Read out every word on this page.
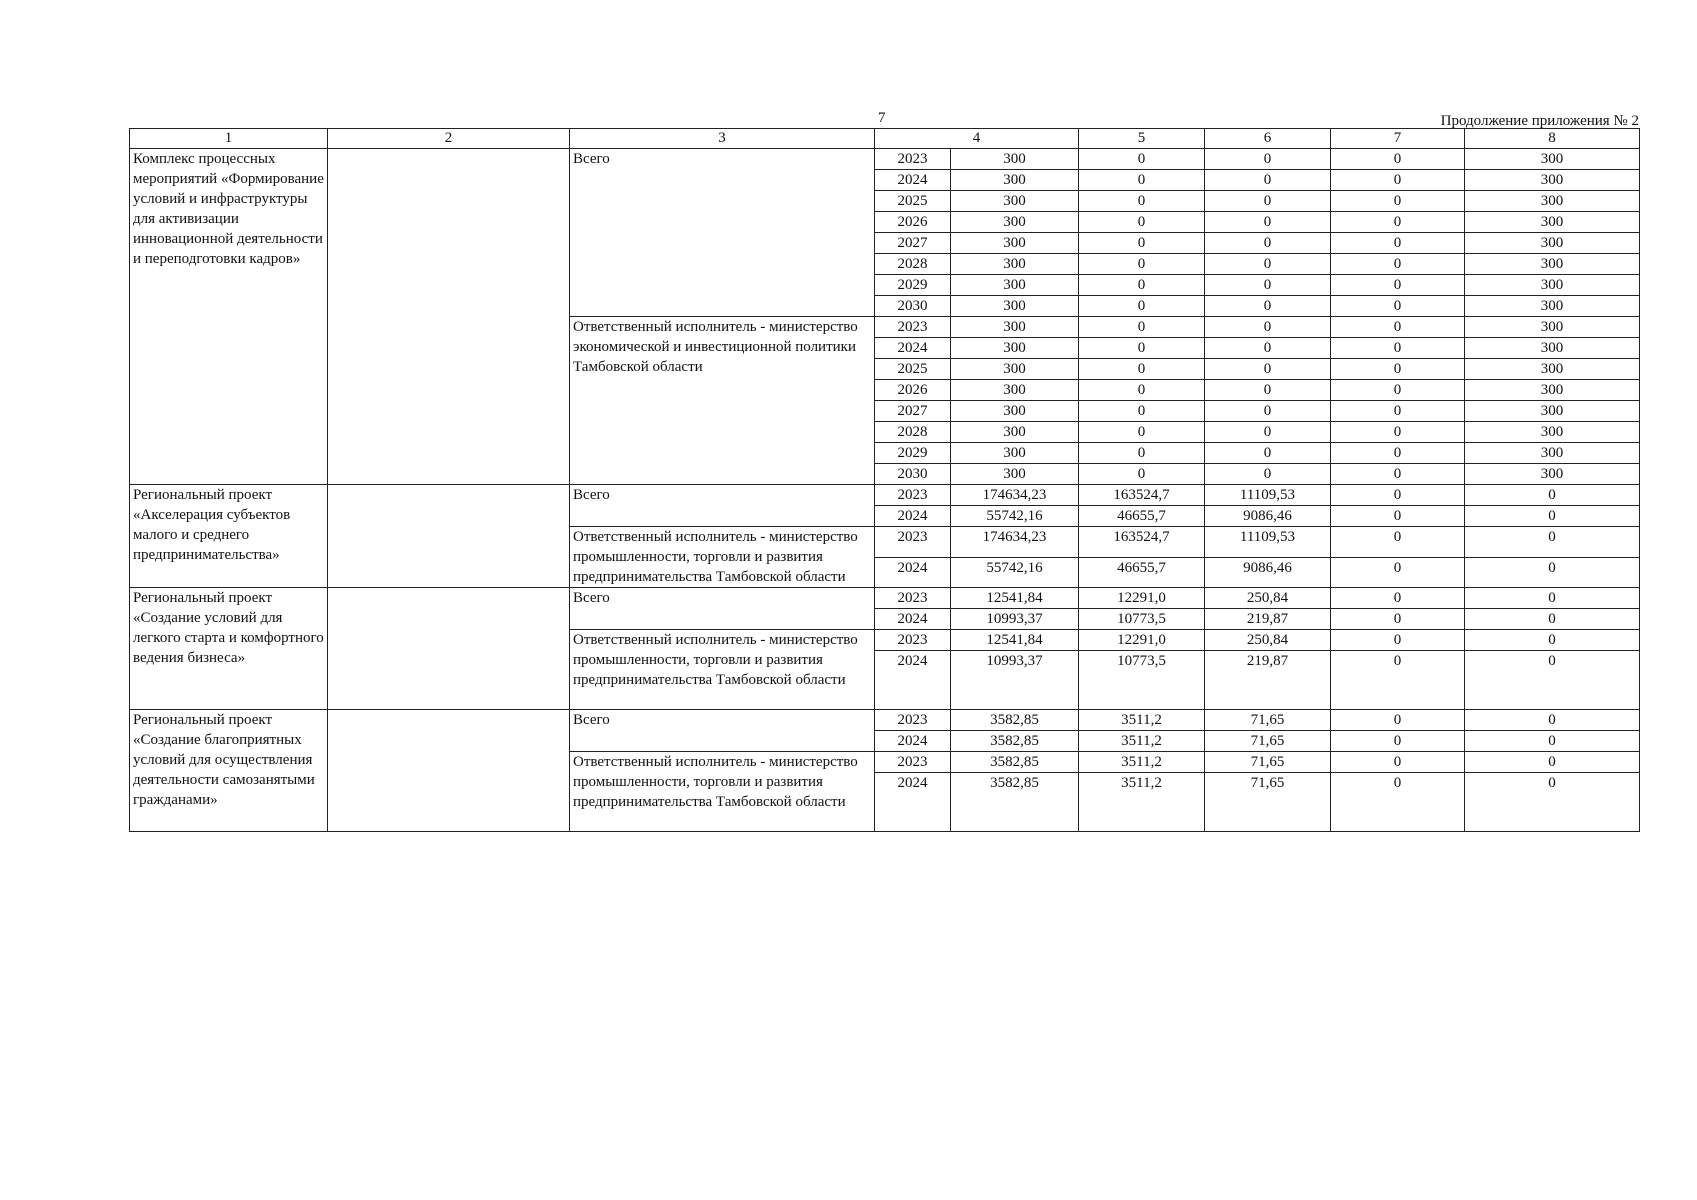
7	Продолжение приложения № 2
1	2	3	4		5	6	7	8
Комплекс процессных мероприятий «Формирование условий и инфраструктуры для активизации инновационной деятельности и переподготовки кадров»		Всего	2023	300	0	0	0	300
			2024	300	0	0	0	300
			2025	300	0	0	0	300
			2026	300	0	0	0	300
			2027	300	0	0	0	300
			2028	300	0	0	0	300
			2029	300	0	0	0	300
			2030	300	0	0	0	300
		Ответственный исполнитель - министерство экономической и инвестиционной политики Тамбовской области	2023	300	0	0	0	300
			2024	300	0	0	0	300
			2025	300	0	0	0	300
			2026	300	0	0	0	300
			2027	300	0	0	0	300
			2028	300	0	0	0	300
			2029	300	0	0	0	300
			2030	300	0	0	0	300
Региональный проект «Акселерация субъектов малого и среднего предпринимательства»		Всего	2023	174634,23	163524,7	11109,53	0	0
			2024	55742,16	46655,7	9086,46	0	0
		Ответственный исполнитель - министерство промышленности, торговли и развития предпринимательства Тамбовской области	2023	174634,23	163524,7	11109,53	0	0
			2024	55742,16	46655,7	9086,46	0	0
Региональный проект «Создание условий для легкого старта и комфортного ведения бизнеса»		Всего	2023	12541,84	12291,0	250,84	0	0
			2024	10993,37	10773,5	219,87	0	0
		Ответственный исполнитель - министерство промышленности, торговли и развития предпринимательства Тамбовской области	2023	12541,84	12291,0	250,84	0	0
			2024	10993,37	10773,5	219,87	0	0

Региональный проект «Создание благоприятных условий для осуществления деятельности самозанятыми гражданами»		Всего	2023	3582,85	3511,2	71,65	0	0
			2024	3582,85	3511,2	71,65	0	0
		Ответственный исполнитель - министерство промышленности, торговли и развития предпринимательства Тамбовской области	2023	3582,85	3511,2	71,65	0	0
			2024	3582,85	3511,2	71,65	0	0
